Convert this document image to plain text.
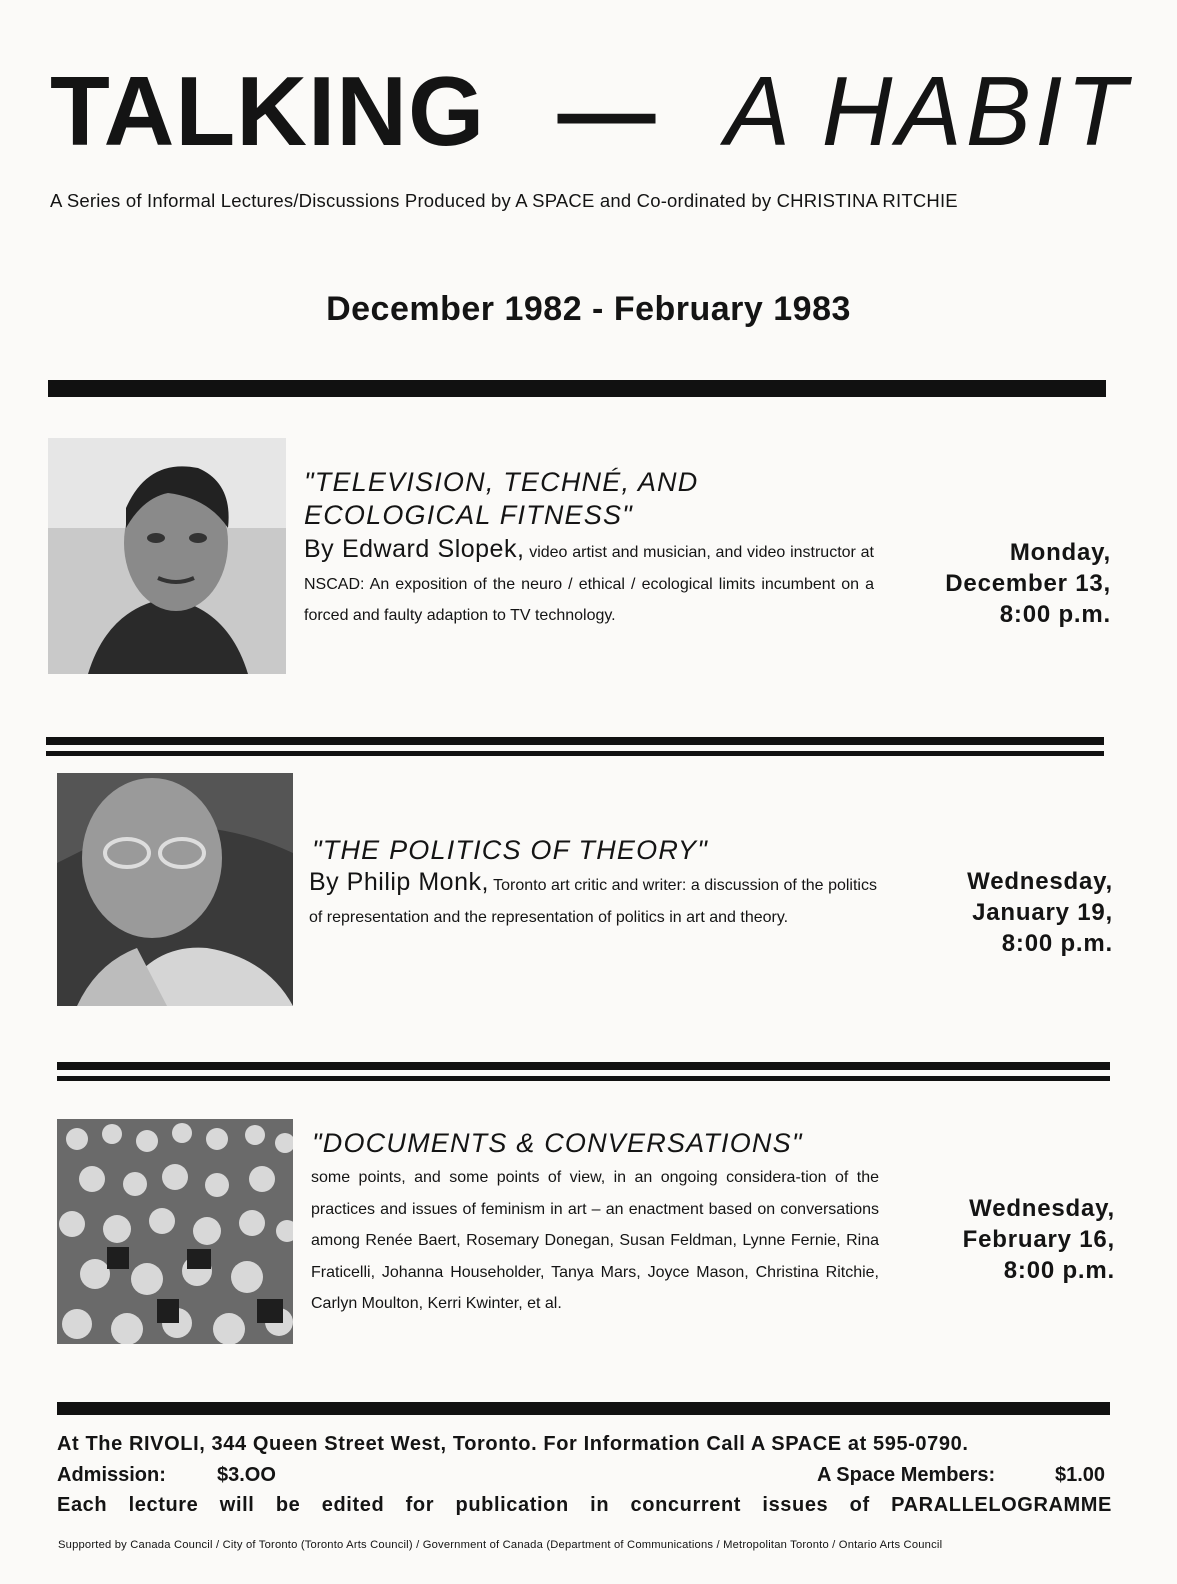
TALKING — A HABIT
A Series of Informal Lectures/Discussions Produced by A SPACE and Co-ordinated by CHRISTINA RITCHIE
December 1982 - February 1983
"TELEVISION, TECHNÉ, AND
ECOLOGICAL FITNESS"
By Edward Slopek, video artist and musician, and video instructor at NSCAD: An exposition of the neuro / ethical / ecological limits incumbent on a forced and faulty adaption to TV technology.
Monday,
December 13,
8:00 p.m.
"THE POLITICS OF THEORY"
By Philip Monk, Toronto art critic and writer: a discussion of the politics of representation and the representation of politics in art and theory.
Wednesday,
January 19,
8:00 p.m.
"DOCUMENTS & CONVERSATIONS"
some points, and some points of view, in an ongoing considera-tion of the practices and issues of feminism in art – an enactment based on conversations among Renée Baert, Rosemary Donegan, Susan Feldman, Lynne Fernie, Rina Fraticelli, Johanna Householder, Tanya Mars, Joyce Mason, Christina Ritchie, Carlyn Moulton, Kerri Kwinter, et al.
Wednesday,
February 16,
8:00 p.m.
At The RIVOLI, 344 Queen Street West, Toronto. For Information Call A SPACE at 595-0790.
Admission:	$3.OO	A Space Members:	$1.00
Each lecture will be edited for publication in concurrent issues of PARALLELOGRAMME
Supported by Canada Council / City of Toronto (Toronto Arts Council) / Government of Canada (Department of Communications / Metropolitan Toronto / Ontario Arts Council
